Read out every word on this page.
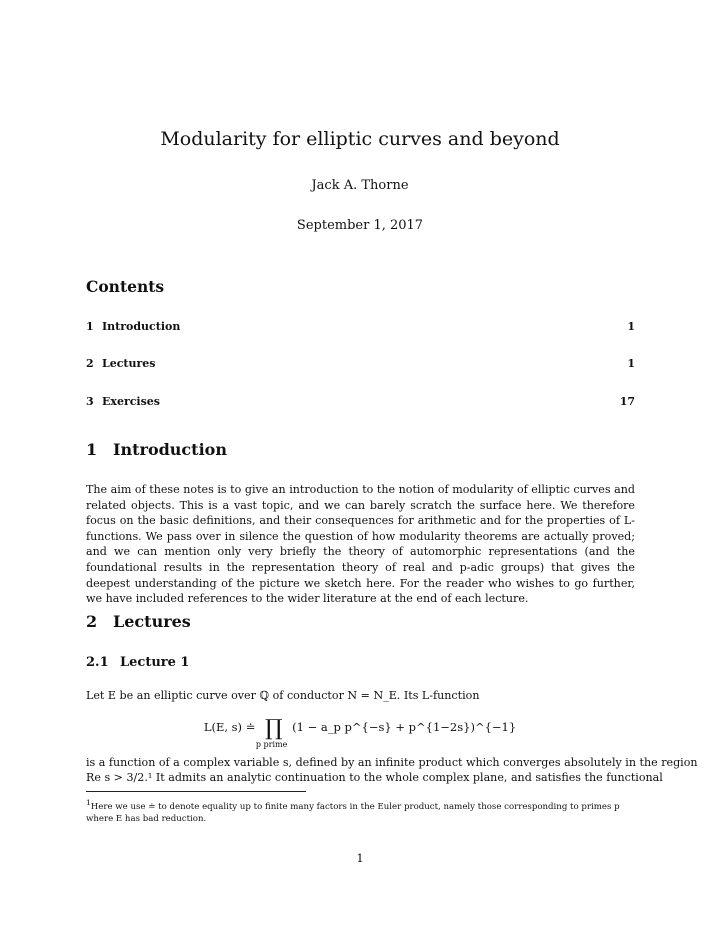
Modularity for elliptic curves and beyond
Jack A. Thorne
September 1, 2017
Contents
1 Introduction	1
2 Lectures	1
3 Exercises	17
1 Introduction
The aim of these notes is to give an introduction to the notion of modularity of elliptic curves and related objects. This is a vast topic, and we can barely scratch the surface here. We therefore focus on the basic definitions, and their consequences for arithmetic and for the properties of L-functions. We pass over in silence the question of how modularity theorems are actually proved; and we can mention only very briefly the theory of automorphic representations (and the foundational results in the representation theory of real and p-adic groups) that gives the deepest understanding of the picture we sketch here. For the reader who wishes to go further, we have included references to the wider literature at the end of each lecture.
2 Lectures
2.1 Lecture 1
Let E be an elliptic curve over ℚ of conductor N = N_E. Its L-function
L(E, s) ≐ ∏ (1 − a_p p^{−s} + p^{1−2s})^{−1}
p prime
is a function of a complex variable s, defined by an infinite product which converges absolutely in the region
Re s > 3/2.¹ It admits an analytic continuation to the whole complex plane, and satisfies the functional
$^1$Here we use ≐ to denote equality up to finite many factors in the Euler product, namely those corresponding to primes p where E has bad reduction.
1
